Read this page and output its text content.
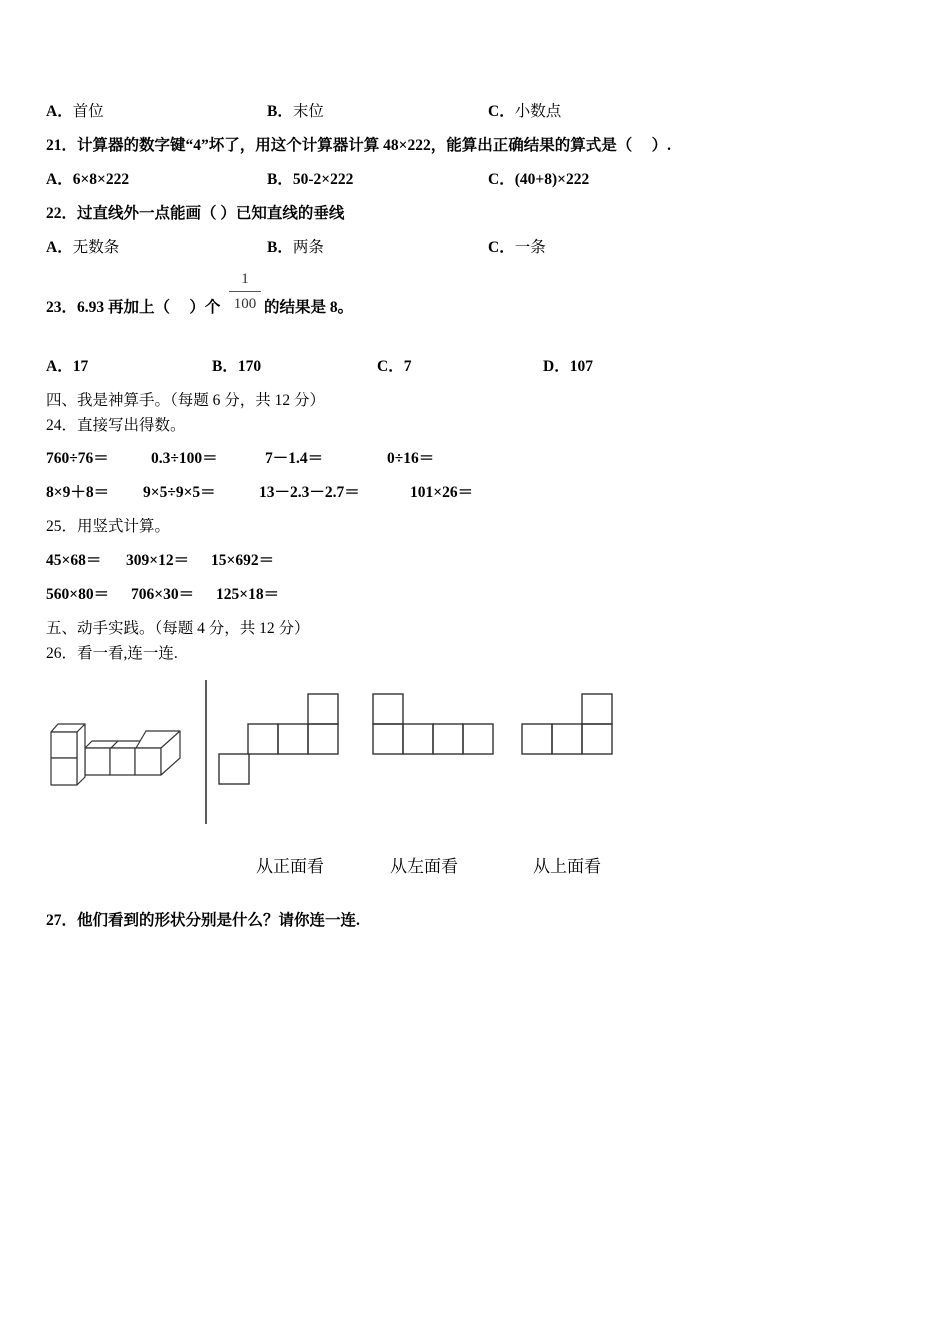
A．首位	B．末位	C．小数点
21．计算器的数字键“4”坏了，用这个计算器计算 48×222，能算出正确结果的算式是（　 ）.
A．6×8×222	B．50-2×222	C．(40+8)×222
22．过直线外一点能画（ ）已知直线的垂线
A．无数条	B．两条	C．一条
23．6.93 再加上（　 ）个
1
100 的结果是 8。
A．17	B．170	C．7	D．107
四、我是神算手。（每题 6 分，共 12 分）
24．直接写出得数。
760÷76＝	0.3÷100＝	7－1.4＝	0÷16＝
8×9＋8＝ 9×5÷9×5＝	13－2.3－2.7＝	101×26＝
25．用竖式计算。
45×68＝ 309×12＝ 15×692＝
560×80＝ 706×30＝ 125×18＝
五、动手实践。（每题 4 分，共 12 分）
26．看一看,连一连.
从正面看	从左面看	从上面看
27．他们看到的形状分别是什么？请你连一连.
